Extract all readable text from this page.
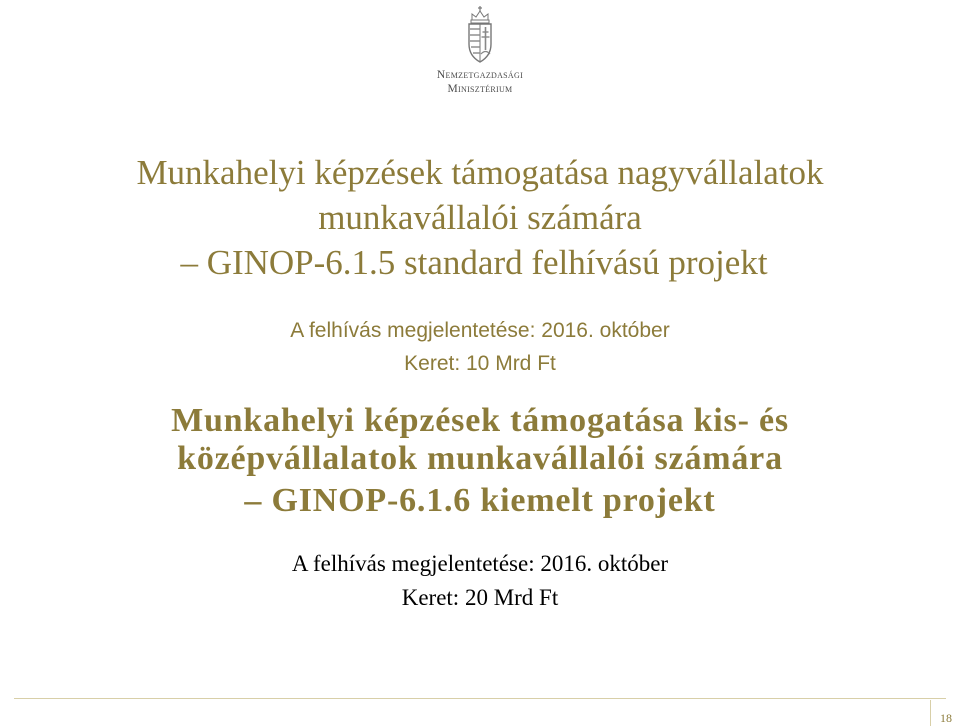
Nemzetgazdasági
Minisztérium
Munkahelyi képzések támogatása nagyvállalatok
munkavállalói számára
– GINOP-6.1.5 standard felhívású projekt
A felhívás megjelentetése: 2016. október
Keret: 10 Mrd Ft
Munkahelyi képzések támogatása kis- és
középvállalatok munkavállalói számára
– GINOP-6.1.6 kiemelt projekt
A felhívás megjelentetése: 2016. október
Keret: 20 Mrd Ft
18
